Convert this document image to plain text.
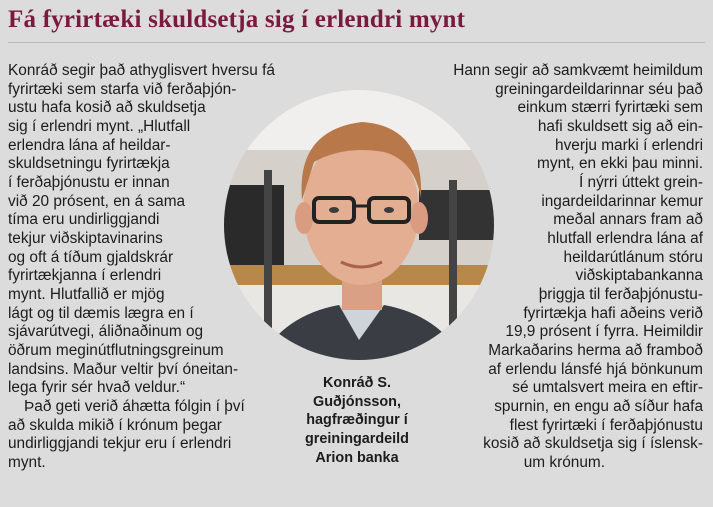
Fá fyrirtæki skuldsetja sig í erlendri mynt
Konráð segir það athyglisvert hversu fá
fyrirtæki sem starfa við ferðaþjón-
ustu hafa kosið að skuldsetja
sig í erlendri mynt. „Hlutfall
erlendra lána af heildar-
skuldsetningu fyrirtækja
í ferðaþjónustu er innan
við 20 prósent, en á sama
tíma eru undirliggjandi
tekjur viðskiptavinarins
og oft á tíðum gjaldskrár
fyrirtækjanna í erlendri
mynt. Hlutfallið er mjög
lágt og til dæmis lægra en í
sjávarútvegi, áliðnaðinum og
öðrum meginútflutningsgreinum
landsins. Maður veltir því óneitan-
lega fyrir sér hvað veldur.“
Það geti verið áhætta fólgin í því
að skulda mikið í krónum þegar
undirliggjandi tekjur eru í erlendri
mynt.
Hann segir að samkvæmt heimildum
greiningardeildarinnar séu það
einkum stærri fyrirtæki sem
hafi skuldsett sig að ein-
hverju marki í erlendri
mynt, en ekki þau minni.
Í nýrri úttekt grein-
ingardeildarinnar kemur
meðal annars fram að
hlutfall erlendra lána af
heildarútlánum stóru
viðskiptabankanna
þriggja til ferðaþjónustu-
fyrirtækja hafi aðeins verið
19,9 prósent í fyrra. Heimildir
Markaðarins herma að framboð
af erlendu lánsfé hjá bönkunum
sé umtalsvert meira en eftir-
spurnin, en engu að síður hafa
flest fyrirtæki í ferðaþjónustu
kosið að skuldsetja sig í íslensk-
um krónum.
Konráð S.
Guðjónsson,
hagfræðingur í
greiningardeild
Arion banka
